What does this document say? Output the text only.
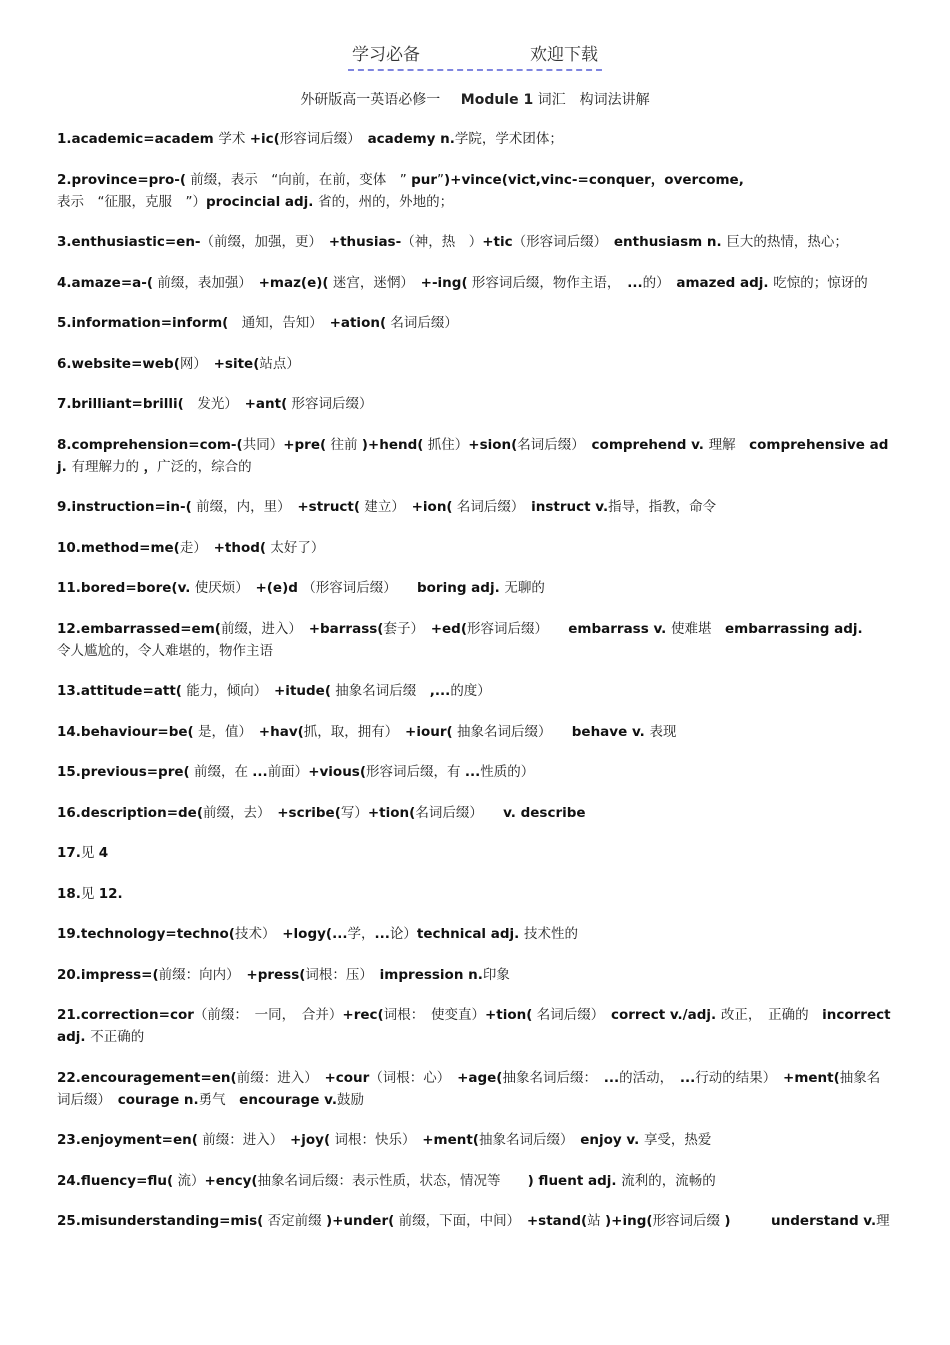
学习必备	欢迎下载
外研版高一英语必修一 Module 1 词汇　构词法讲解

1.academic=academ 学术 +ic(形容词后缀）　academy n.学院，学术团体；

2.province=pro-( 前缀，表示　“向前，在前，变体　” pur”)+vince(vict,vinc-=conquer，overcome, 表示　“征服，克服　”）procincial adj. 省的，州的，外地的；

3.enthusiastic=en-（前缀，加强，更）　+thusias-（神，热　）+tic（形容词后缀）　enthusiasm n. 巨大的热情，热心；

4.amaze=a-( 前缀，表加强）　+maz(e)( 迷宫，迷惘）　+-ing( 形容词后缀，物作主语，　...的）　amazed adj. 吃惊的；惊讶的

5.information=inform(　通知，告知）　+ation( 名词后缀）

6.website=web(网）　+site(站点）

7.brilliant=brilli(　发光）　+ant( 形容词后缀）

8.comprehension=com-(共同）+pre( 往前 )+hend( 抓住）+sion(名词后缀）　comprehend v. 理解　comprehensive adj. 有理解力的 ，广泛的，综合的

9.instruction=in-( 前缀，内，里）　+struct( 建立）　+ion( 名词后缀）　instruct v.指导，指教，命令

10.method=me(走）　+thod( 太好了）

11.bored=bore(v. 使厌烦）　+(e)d （形容词后缀）　　boring adj. 无聊的

12.embarrassed=em(前缀，进入）　+barrass(套子）　+ed(形容词后缀）　　embarrass v. 使难堪　embarrassing adj. 　令人尴尬的，令人难堪的，物作主语

13.attitude=att( 能力，倾向）　+itude( 抽象名词后缀　,...的度）

14.behaviour=be( 是，值）　+hav(抓，取，拥有）　+iour( 抽象名词后缀）　　behave v. 表现

15.previous=pre( 前缀，在 ...前面）+vious(形容词后缀，有 ...性质的）

16.description=de(前缀，去）　+scribe(写）+tion(名词后缀）　　v. describe

17.见 4

18.见 12.

19.technology=techno(技术）　+logy(...学，...论）technical adj. 技术性的

20.impress=(前缀：向内）　+press(词根：压）　impression n.印象

21.correction=cor（前缀：　一同，　合并）+rec(词根：　使变直）+tion( 名词后缀）　correct v./adj. 改正，　正确的　incorrect adj. 不正确的

22.encouragement=en(前缀：进入）　+cour（词根：心）　+age(抽象名词后缀：　...的活动，　...行动的结果）　+ment(抽象名词后缀）　courage n.勇气　encourage v.鼓励

23.enjoyment=en( 前缀：进入）　+joy( 词根：快乐）　+ment(抽象名词后缀）　enjoy v. 享受，热爱

24.fluency=flu( 流）+ency(抽象名词后缀：表示性质，状态，情况等　　) fluent adj. 流利的，流畅的

25.misunderstanding=mis( 否定前缀 )+under( 前缀，下面，中间）　+stand(站 )+ing(形容词后缀 )　　　understand v.理
